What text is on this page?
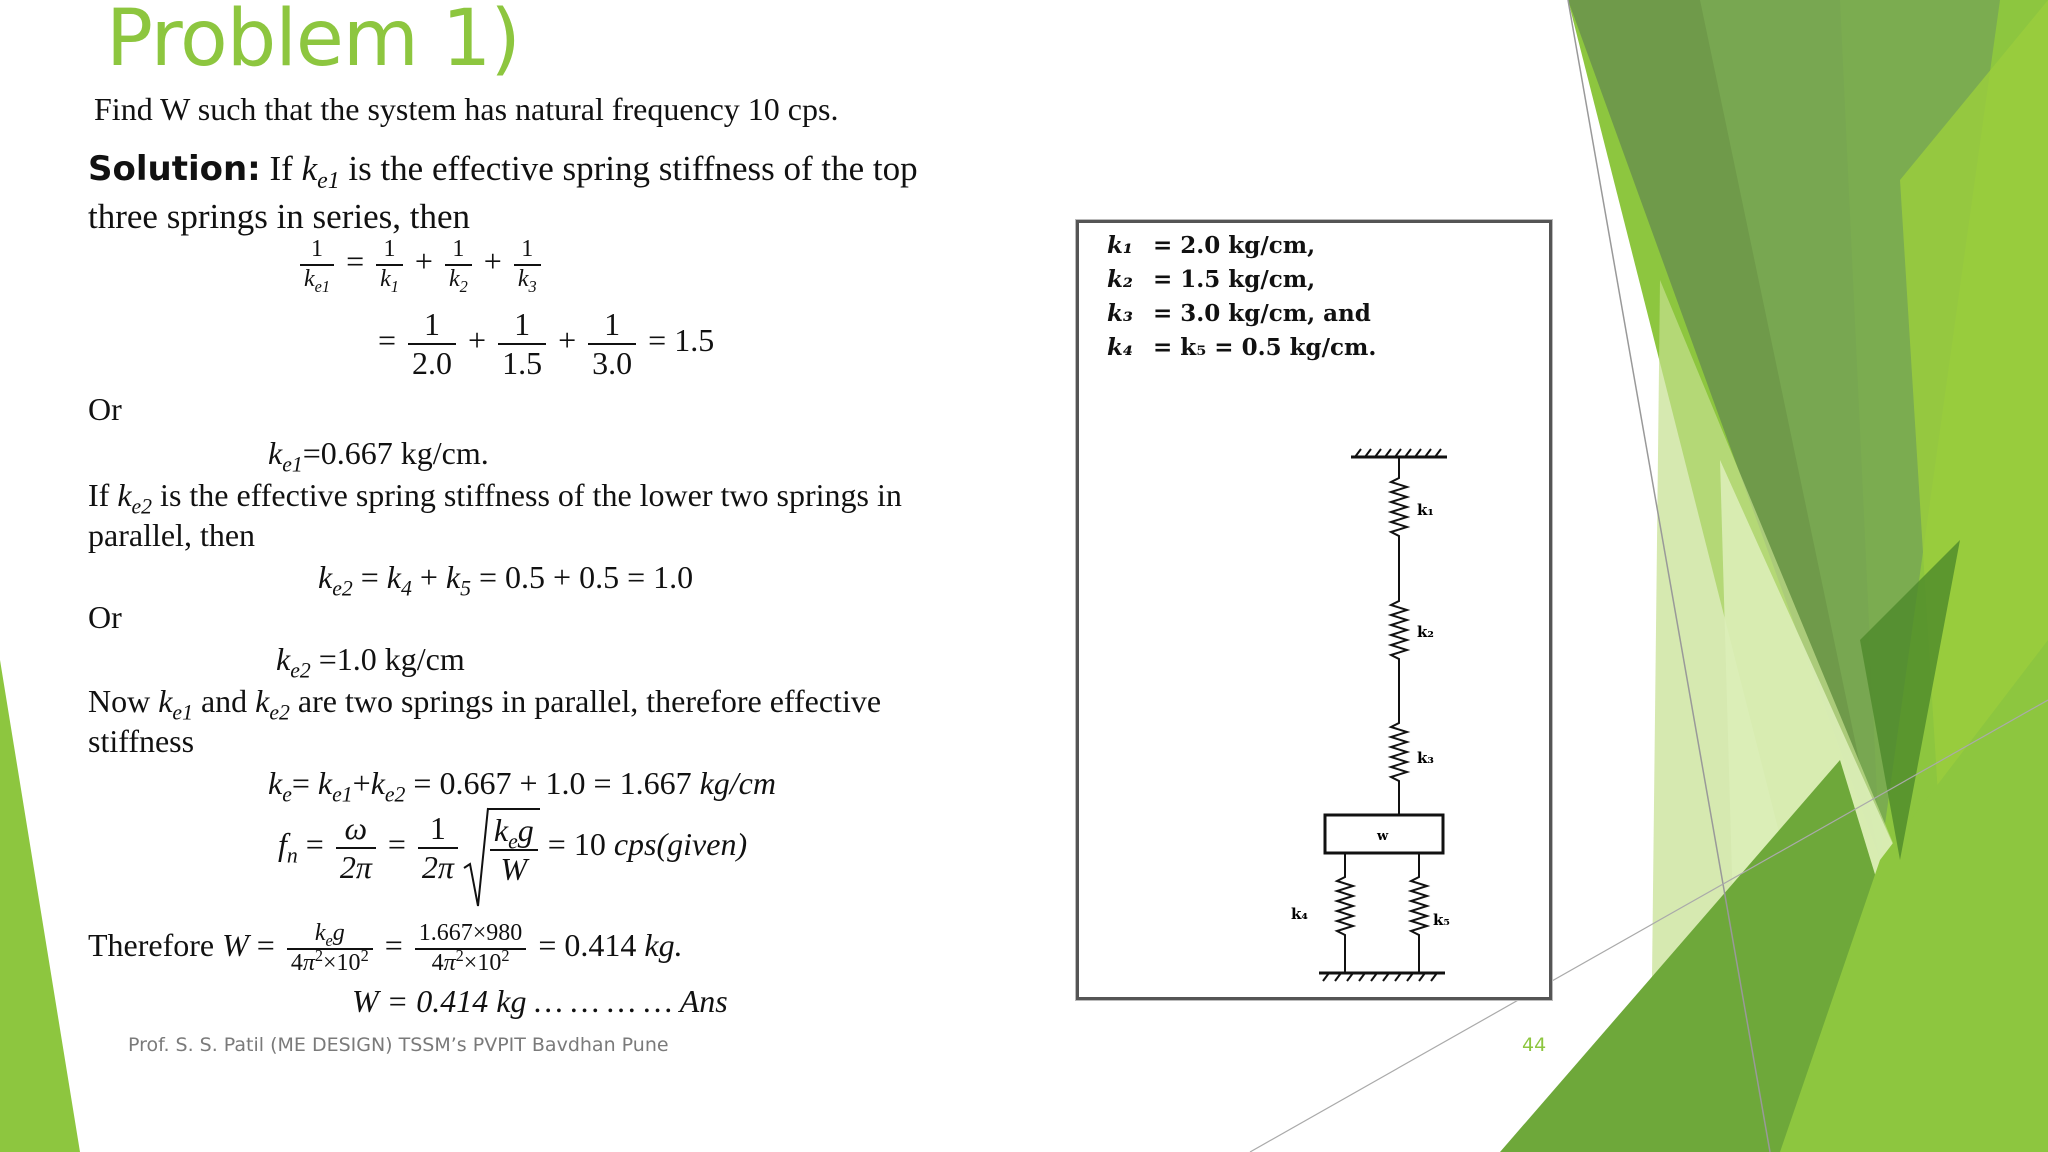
Problem 1)
Find W such that the system has natural frequency 10 cps.
Solution: If $k_{e1}$ is the effective spring stiffness of the top
three springs in series, then
$\frac{1}{k_{e1}} = \frac{1}{k_1} + \frac{1}{k_2} + \frac{1}{k_3}$
= $\frac{1}{2.0} + \frac{1}{1.5} + \frac{1}{3.0} = 1.5$
Or
$k_{e1}=0.667$ kg/cm.
If $k_{e2}$ is the effective spring stiffness of the lower two springs in
parallel, then
$k_{e2} = k_4 + k_5 = 0.5 + 0.5 = 1.0$
Or
$k_{e2} =1.0$ kg/cm
Now $k_{e1}$ and $k_{e2}$ are two springs in parallel, therefore effective
stiffness
$k_e= k_{e1}+k_{e2} = 0.667 + 1.0 = 1.667$ kg/cm
$f_n = \frac{\omega}{2\pi} = \frac{1}{2\pi} \frac{k_eg}{W} = 10$ cps(given)
Therefore $W = \frac{k_eg}{4\pi^2\times 10^2} = \frac{1.667\times 980}{4\pi^2\times 10^2} = 0.414$ kg.
W = 0.414 kg … … … … Ans
Prof. S. S. Patil (ME DESIGN) TSSM’s PVPIT Bavdhan Pune	44
k₁ = 2.0 kg/cm,
k₂ = 1.5 kg/cm,
k₃ = 3.0 kg/cm, and
k₄ = k₅ = 0.5 kg/cm.
k₁
k₂
k₃
w
k₄	k₅
